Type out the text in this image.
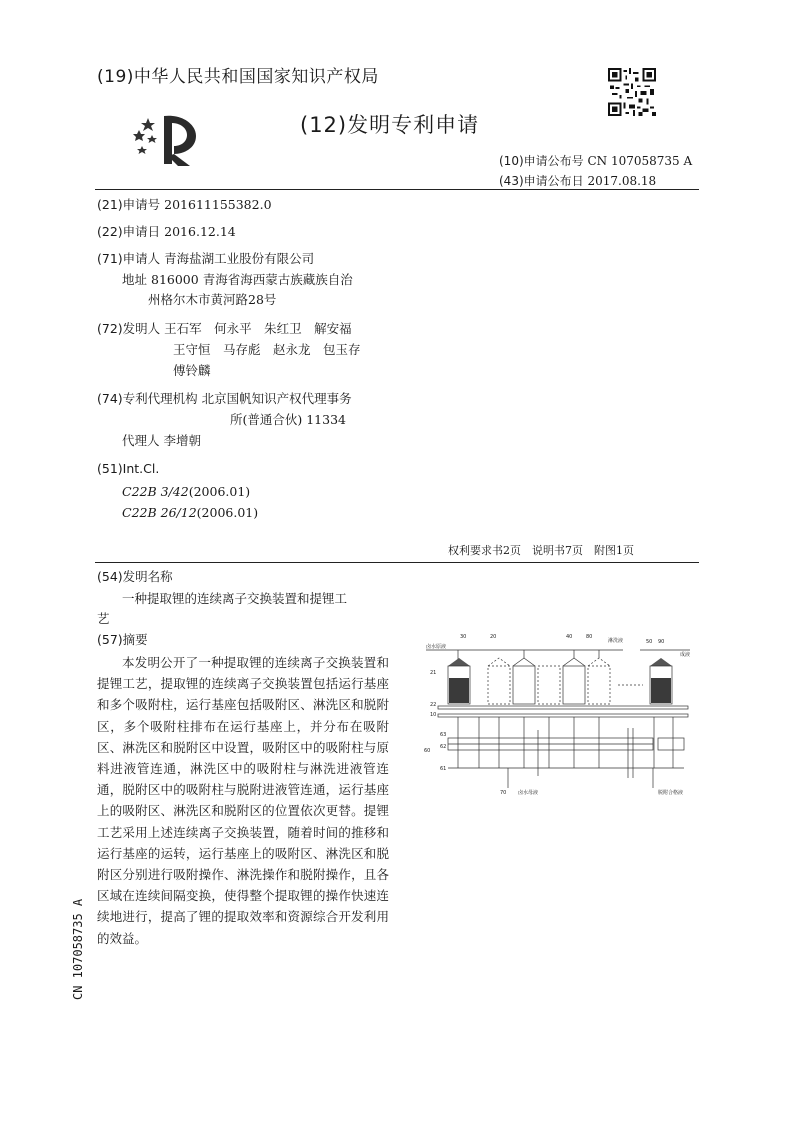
(19)中华人民共和国国家知识产权局
(12)发明专利申请
(10)申请公布号 CN 107058735 A
(43)申请公布日 2017.08.18
(21)申请号 201611155382.0
(22)申请日 2016.12.14
(71)申请人 青海盐湖工业股份有限公司
地址 816000 青海省海西蒙古族藏族自治
州格尔木市黄河路28号
(72)发明人 王石军　何永平　朱红卫　解安福
王守恒　马存彪　赵永龙　包玉存
傅铃麟
(74)专利代理机构 北京国帆知识产权代理事务
所(普通合伙) 11334
代理人 李增朝
(51)Int.Cl.
C22B 3/42(2006.01)
C22B 26/12(2006.01)
权利要求书2页　说明书7页　附图1页
(54)发明名称
一种提取锂的连续离子交换装置和提锂工
艺
(57)摘要
本发明公开了一种提取锂的连续离子交换装置和提锂工艺，提取锂的连续离子交换装置包括运行基座和多个吸附柱，运行基座包括吸附区、淋洗区和脱附区，多个吸附柱排布在运行基座上，并分布在吸附区、淋洗区和脱附区中设置，吸附区中的吸附柱与原料进液管连通，淋洗区中的吸附柱与淋洗进液管连通，脱附区中的吸附柱与脱附进液管连通，运行基座上的吸附区、淋洗区和脱附区的位置依次更替。提锂工艺采用上述连续离子交换装置，随着时间的推移和运行基座的运转，运行基座上的吸附区、淋洗区和脱附区分别进行吸附操作、淋洗操作和脱附操作，且各区域在连续间隔变换，使得整个提取锂的操作快速连续地进行，提高了锂的提取效率和资源综合开发利用的效益。
CN 107058735 A
卤水原液
淋洗液
成液
卤水母液	脱附合格液
30	20	40	80
50 90
21
22
10
63
62
60
61
70
